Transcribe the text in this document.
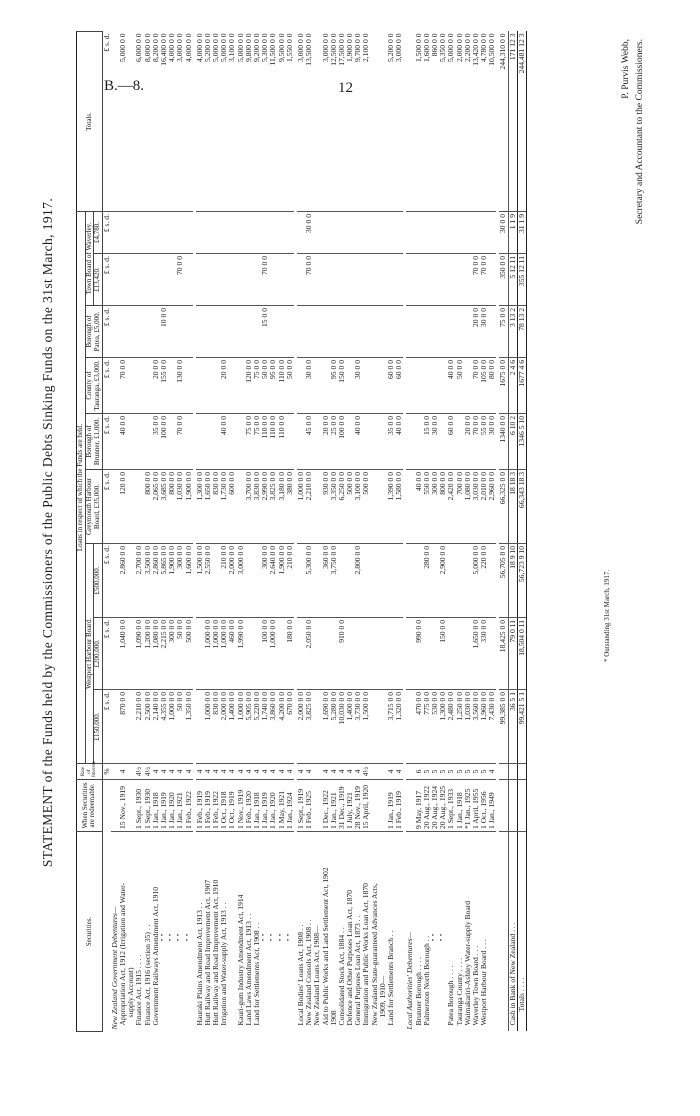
B.—8.	12
STATEMENT of the Funds held by the Commissioners of the Public Debts Sinking Funds on the 31st March, 1917.
Securities.	When Securities are redeemable.	Rate of Interest.	Loans in respect of which the Funds are held.									Totals.
			Westport Harbour Board.			Greymouth Harbour Board, £35,000.	Borough of Brunner, £1,000.	County of Tauranga, £3,000.	Borough of Patea, £5,000.	Town Board of Waverley.		
			£150,000.	£200,000.	£500,000.					£13,420.	£4,780.	
		%	£ s. d.	£ s. d.	£ s. d.	£ s. d.	£ s. d.	£ s. d.	£ s. d.	£ s. d.	£ s. d.	£ s. d.
New Zealand Government Debentures—												
Appropriation Act, 1912 (Irrigation and Water-	15 Nov., 1919	4	870 0 0	1,040 0 0	2,860 0 0	120 0 0	40 0 0	70 0 0				5,000 0 0
supply Account)												
Finance Act, 1915 . . . .	1 Sept., 1930	4½	2,210 0 0	1,090 0 0	2,700 0 0							6,000 0 0
Finance Act, 1916 (section 35) . .	1 Sept., 1930	4½	2,500 0 0	1,200 0 0	3,500 0 0	800 0 0						8,000 0 0
Government Railways Amendment Act, 1910	1 Jan., 1918	4	2,140 0 0	1,080 0 0	2,860 0 0	2,065 0 0	35 0 0	20 0 0				8,200 0 0
" "	1 Jan., 1919	4	4,355 0 0	2,215 0 0	5,865 0 0	3,685 0 0	100 0 0	155 0 0	10 0 0			16,400 0 0
" "	1 Jan., 1920	4	1,000 0 0	300 0 0	1,900 0 0	800 0 0						4,000 0 0
" "	1 Jan., 1921	4	50 0 0	50 0 0	300 0 0	1,030 0 0	70 0 0	130 0 0		70 0 0		3,000 0 0
" "	1 Feb., 1922	4	1,350 0 0	500 0 0	1,600 0 0	1,900 0 0						4,000 0 0

Hauraki Plains Amendment Act, 1913 . .	1 Feb., 1919	4			1,500 0 0	1,300 0 0						4,000 0 0
Hutt Railway and Road Improvement Act, 1907	1 Feb., 1919	4	1,000 0 0	1,000 0 0	2,550 0 0	1,650 0 0						5,200 0 0
Hutt Railway and Road Improvement Act, 1910	1 Feb., 1922	4	830 0 0	1,000 0 0		830 0 0						5,000 0 0
Irrigation and Water-supply Act, 1913 . .	1 Oct., 1918	4	2,000 0 0	1,000 0 0	210 0 0	1,730 0 0	40 0 0	20 0 0				5,000 0 0
	1 Oct., 1919	4	1,400 0 0	460 0 0	2,000 0 0	600 0 0						3,100 0 0
Kauri-gum Industry Amendment Act, 1914	1 Nov., 1919	4	1,000 0 0	1,990 0 0	3,000 0 0							5,000 0 0
Land Laws Amendment Act, 1913 . .	1 Feb., 1920	4	5,905 0 0			3,700 0 0	75 0 0	120 0 0				9,800 0 0
Land for Settlements Act, 1908 . .	1 Jan., 1918	4	5,220 0 0			3,830 0 0	75 0 0	75 0 0				9,200 0 0
" "	1 Jan., 1919	4	1,740 0 0	100 0 0	300 0 0	2,990 0 0	110 0 0	50 0 0	15 0 0	70 0 0		5,300 0 0
" "	1 Jan., 1920	4	3,860 0 0	1,000 0 0	2,640 0 0	3,825 0 0	110 0 0	95 0 0				11,500 0 0
" "	1 May, 1921	4	4,200 0 0		1,900 0 0	3,180 0 0	110 0 0	110 0 0				9,500 0 0
" "	1 Jan., 1924	4	670 0 0	180 0 0	210 0 0	380 0 0		50 0 0				1,550 0 0

Local Bodies' Loans Act, 1908 . .	1 Sept., 1919	4	2,000 0 0			1,000 0 0						3,000 0 0
New Zealand Consols Act, 1908 . .	1 Feb., 1925	4	3,825 0 0	2,050 0 0	5,300 0 0	2,210 0 0	45 0 0	30 0 0		70 0 0	30 0 0	13,500 0 0
New Zealand Loans Act, 1908—												
Aid to Public Works and Land Settlement Act, 1902	1 Dec., 1922	4	1,690 0 0		360 0 0	930 0 0	20 0 0					3,000 0 0
1908	1 Jan., 1921	4	5,280 0 0		3,750 0 0	3,350 0 0	25 0 0	95 0 0				12,500 0 0
Consolidated Stock Act, 1884 . .	31 Dec., 1919	4	10,030 0 0	910 0 0		6,250 0 0	100 0 0	150 0 0				17,500 0 0
Defence and Other Purposes Loan Act, 1870	1 July, 1921	4	1,400 0 0			500 0 0						1,900 0 0
General Purposes Loan Act, 1873 . .	28 Nov., 1919	4	3,730 0 0		2,800 0 0	3,100 0 0	40 0 0	30 0 0				9,700 0 0
Immigration and Public Works Loan Act, 1870	15 April, 1920	4½	1,500 0 0			500 0 0						2,100 0 0
New Zealand State-guaranteed Advances Acts,												
1909, 1910—												
Land for Settlements Branch . .	1 Jan., 1919	4	3,715 0 0			1,390 0 0	35 0 0	60 0 0				5,200 0 0
	1 Feb., 1919	4	1,320 0 0			1,580 0 0	40 0 0	60 0 0				3,000 0 0

Local Authorities' Debentures—												
Brunner Borough . . . .	9 May, 1917	6	470 0 0	990 0 0		40 0 0						1,500 0 0
Palmerston North Borough . .	20 Aug., 1922	5	775 0 0		280 0 0	550 0 0	15 0 0					1,600 0 0
" "	20 Aug., 1924	5	530 0 0			300 0 0	30 0 0					860 0 0
" "	20 Aug., 1925	5	1,300 0 0	150 0 0	2,900 0 0	800 0 0						5,350 0 0
Patea Borough . . . .	1 Sept., 1933	5	2,480 0 0			2,420 0 0	60 0 0	40 0 0				5,000 0 0
Tauranga County . . . .	1 Jan., 1918	5	1,250 0 0			700 0 0		50 0 0				2,000 0 0
Waimakariri-Ashley Water-supply Board	*1 Jan., 1925	5	1,030 0 0			1,080 0 0	20 0 0					2,200 0 0
Waverley Town Board . . .	1 April, 1955	5	3,560 0 0	1,650 0 0	5,000 0 0	3,030 0 0	70 0 0	70 0 0	20 0 0	70 0 0		13,420 0 0
Westport Harbour Board . . .	1 Oct., 1956	5	1,960 0 0	330 0 0	220 0 0	2,010 0 0	55 0 0	105 0 0	30 0 0	70 0 0		4,780 0 0
	1 Jan., 1949	4	7,430 0 0			2,960 0 0	30 0 0	80 0 0				10,500 0 0

			99,385 0 0	18,425 0 0	56,705 0 0	66,325 0 0	1340 0 0	1675 0 0	75 0 0	350 0 0	30 0 0	244,310 0 0
Cash in Bank of New Zealand . . .			36 5 1	79 0 11	18 9 10	18 18 3	6 10 2	2 4 6	3 13 2	5 12 11	1 1 9	171 12 3
Totals . . . .			99,421 5 1	18,504 0 11	56,723 9 10	66,343 18 3	1346 5 10	1677 4 6	78 13 2	355 12 11	31 1 9	244,481 12 3
* Outstanding 31st March, 1917.
P. Purvis Webb, Secretary and Accountant to the Commissioners.
